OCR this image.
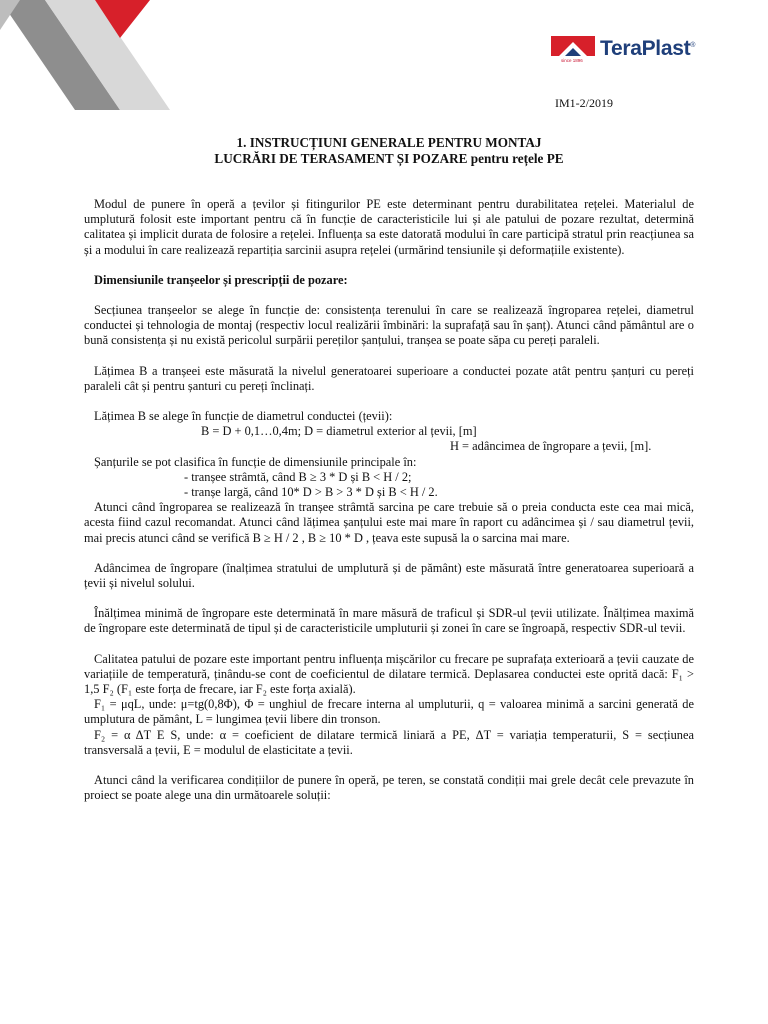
since 1896
TeraPlast®
IM1-2/2019

1. INSTRUCȚIUNI GENERALE PENTRU MONTAJ

LUCRĂRI DE TERASAMENT ȘI POZARE pentru rețele PE

Modul de punere în operă a țevilor și fitingurilor PE este determinant pentru durabilitatea rețelei. Materialul de umplutură folosit este important pentru că în funcție de caracteristicile lui și ale patului de pozare rezultat, determină calitatea și implicit durata de folosire a rețelei. Influența sa este datorată modului în care participă stratul prin reacțiunea sa și a modului în care realizează repartiția sarcinii asupra rețelei (urmărind tensiunile și deformațiile existente).

Dimensiunile tranșeelor și prescripții de pozare:

Secțiunea tranșeelor se alege în funcție de: consistența terenului în care se realizează îngroparea rețelei, diametrul conductei și tehnologia de montaj (respectiv locul realizării îmbinări: la suprafață sau în șanț). Atunci când pământul are o bună consistența și nu există pericolul surpării pereților șanțului, tranșea se poate săpa cu pereți paraleli.

Lățimea B a tranșeei este măsurată la nivelul generatoarei superioare a conductei pozate atât pentru șanțuri cu pereți paraleli cât și pentru șanturi cu pereți înclinați.

Lățimea B se alege în funcție de diametrul conductei (țevii):

B = D + 0,1…0,4m; D = diametrul exterior al țevii, [m]

H = adâncimea de îngropare a țevii, [m].

Șanțurile se pot clasifica în funcție de dimensiunile principale în:

- tranșee strâmtă, când B ≥ 3 * D și B < H / 2;

- tranșe largă, când 10* D > B > 3 * D și B < H / 2.

Atunci când îngroparea se realizează în tranșee strâmtă sarcina pe care trebuie să o preia conducta este cea mai mică, acesta fiind cazul recomandat. Atunci când lățimea șanțului este mai mare în raport cu adâncimea și / sau diametrul țevii, mai precis atunci când se verifică B ≥ H / 2 , B ≥ 10 * D , țeava este supusă la o sarcina mai mare.

Adâncimea de îngropare (înalțimea stratului de umplutură și de pământ) este măsurată între generatoarea superioară a țevii și nivelul solului.

Înălțimea minimă de îngropare este determinată în mare măsură de traficul și SDR-ul țevii utilizate. Înălțimea maximă de îngropare este determinată de tipul și de caracteristicile umpluturii și zonei în care se îngroapă, respectiv SDR-ul tevii.

Calitatea patului de pozare este important pentru influența mișcărilor cu frecare pe suprafața exterioară a țevii cauzate de variațiile de temperatură, ținându-se cont de coeficientul de dilatare termică. Deplasarea conductei este oprită dacă: F₁ > 1,5 F₂ (F₁ este forța de frecare, iar F₂ este forța axială).

F₁ = μqL, unde: μ=tg(0,8Φ), Φ = unghiul de frecare interna al umpluturii, q = valoarea minimă a sarcini generată de umplutura de pământ, L = lungimea țevii libere din tronson.

F₂ = α ΔT E S, unde: α = coeficient de dilatare termică liniară a PE, ΔT = variația temperaturii, S = secțiunea transversală a țevii, E = modulul de elasticitate a țevii.

Atunci când la verificarea condițiilor de punere în operă, pe teren, se constată condiții mai grele decât cele prevazute în proiect se poate alege una din următoarele soluții:
